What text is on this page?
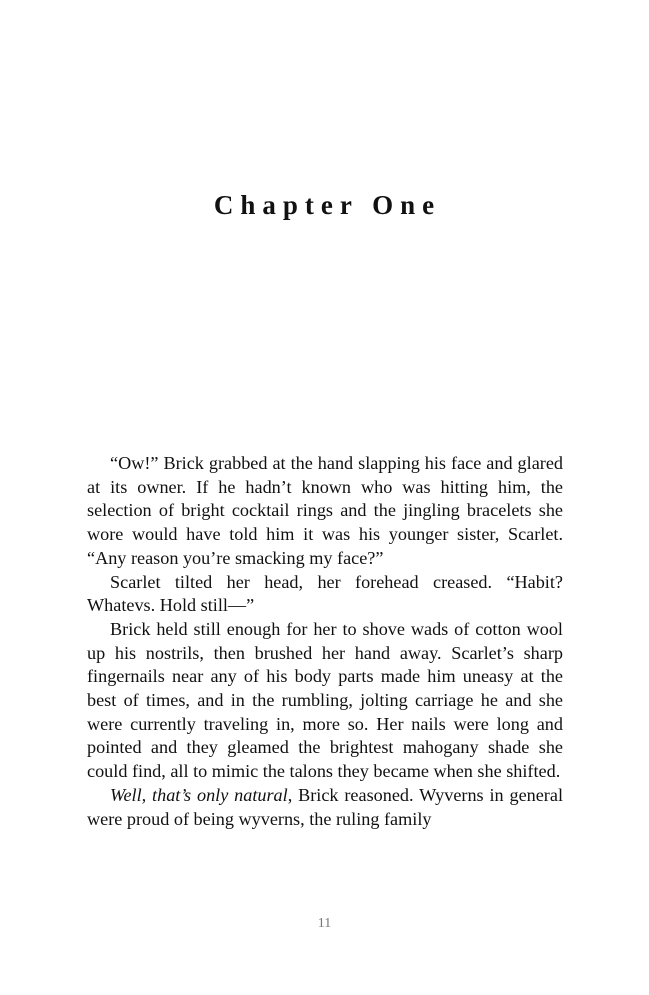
Chapter One

“Ow!” Brick grabbed at the hand slapping his face and glared at its owner. If he hadn’t known who was hitting him, the selection of bright cocktail rings and the jingling bracelets she wore would have told him it was his younger sister, Scarlet. “Any reason you’re smacking my face?”

Scarlet tilted her head, her forehead creased. “Habit? Whatevs. Hold still—”

Brick held still enough for her to shove wads of cotton wool up his nostrils, then brushed her hand away. Scarlet’s sharp fingernails near any of his body parts made him uneasy at the best of times, and in the rumbling, jolting carriage he and she were currently traveling in, more so. Her nails were long and pointed and they gleamed the brightest mahogany shade she could find, all to mimic the talons they became when she shifted.

Well, that’s only natural, Brick reasoned. Wyverns in general were proud of being wyverns, the ruling family

11
